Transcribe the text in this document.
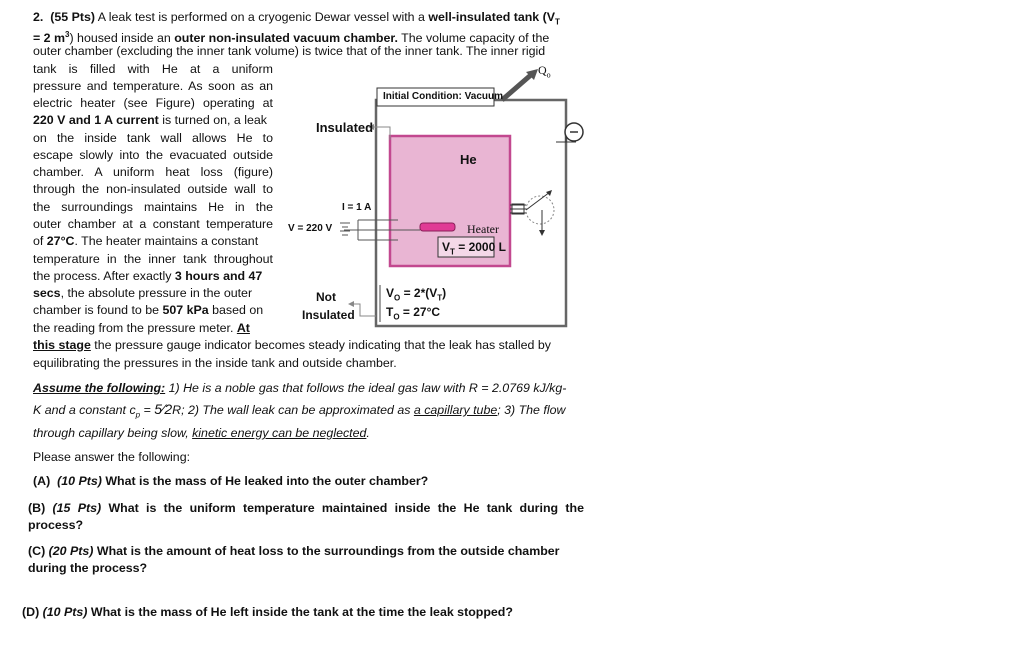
2. (55 Pts) A leak test is performed on a cryogenic Dewar vessel with a well-insulated tank ($V_T$
= 2 $m^3$) housed inside an outer non-insulated vacuum chamber. The volume capacity of the
outer chamber (excluding the inner tank volume) is twice that of the inner tank. The inner rigid
tank is filled with He at a uniform
pressure and temperature. As soon as an
electric heater (see Figure) operating at
220 V and 1 A current is turned on, a leak
on the inside tank wall allows He to
escape slowly into the evacuated outside
chamber. A uniform heat loss (figure)
through the non-insulated outside wall to
the surroundings maintains He in the
outer chamber at a constant temperature
of 27°C. The heater maintains a constant
temperature in the inner tank throughout
the process. After exactly 3 hours and 47
secs, the absolute pressure in the outer
chamber is found to be 507 kPa based on
the reading from the pressure meter. At
this stage the pressure gauge indicator becomes steady indicating that the leak has stalled by
equilibrating the pressures in the inside tank and outside chamber.
Assume the following: 1) He is a noble gas that follows the ideal gas law with R = 2.0769 kJ/kg-
K and a constant $c_p$ = 5⁄2R; 2) The wall leak can be approximated as a capillary tube; 3) The flow
through capillary being slow, kinetic energy can be neglected.
Please answer the following:
(A) (10 Pts) What is the mass of He leaked into the outer chamber?
(B) (15 Pts) What is the uniform temperature maintained inside the He tank during the
process?
(C) (20 Pts) What is the amount of heat loss to the surroundings from the outside chamber
during the process?
(D) (10 Pts) What is the mass of He left inside the tank at the time the leak stopped?
Initial Condition: Vacuum
Insulated
He
I = 1 A
V = 220 V	Heater
$V_T = 2000$ L
$V_O = 2*(V_T)$
$T_O = 27^\circ C$
Not
Insulated
$Q_o$
